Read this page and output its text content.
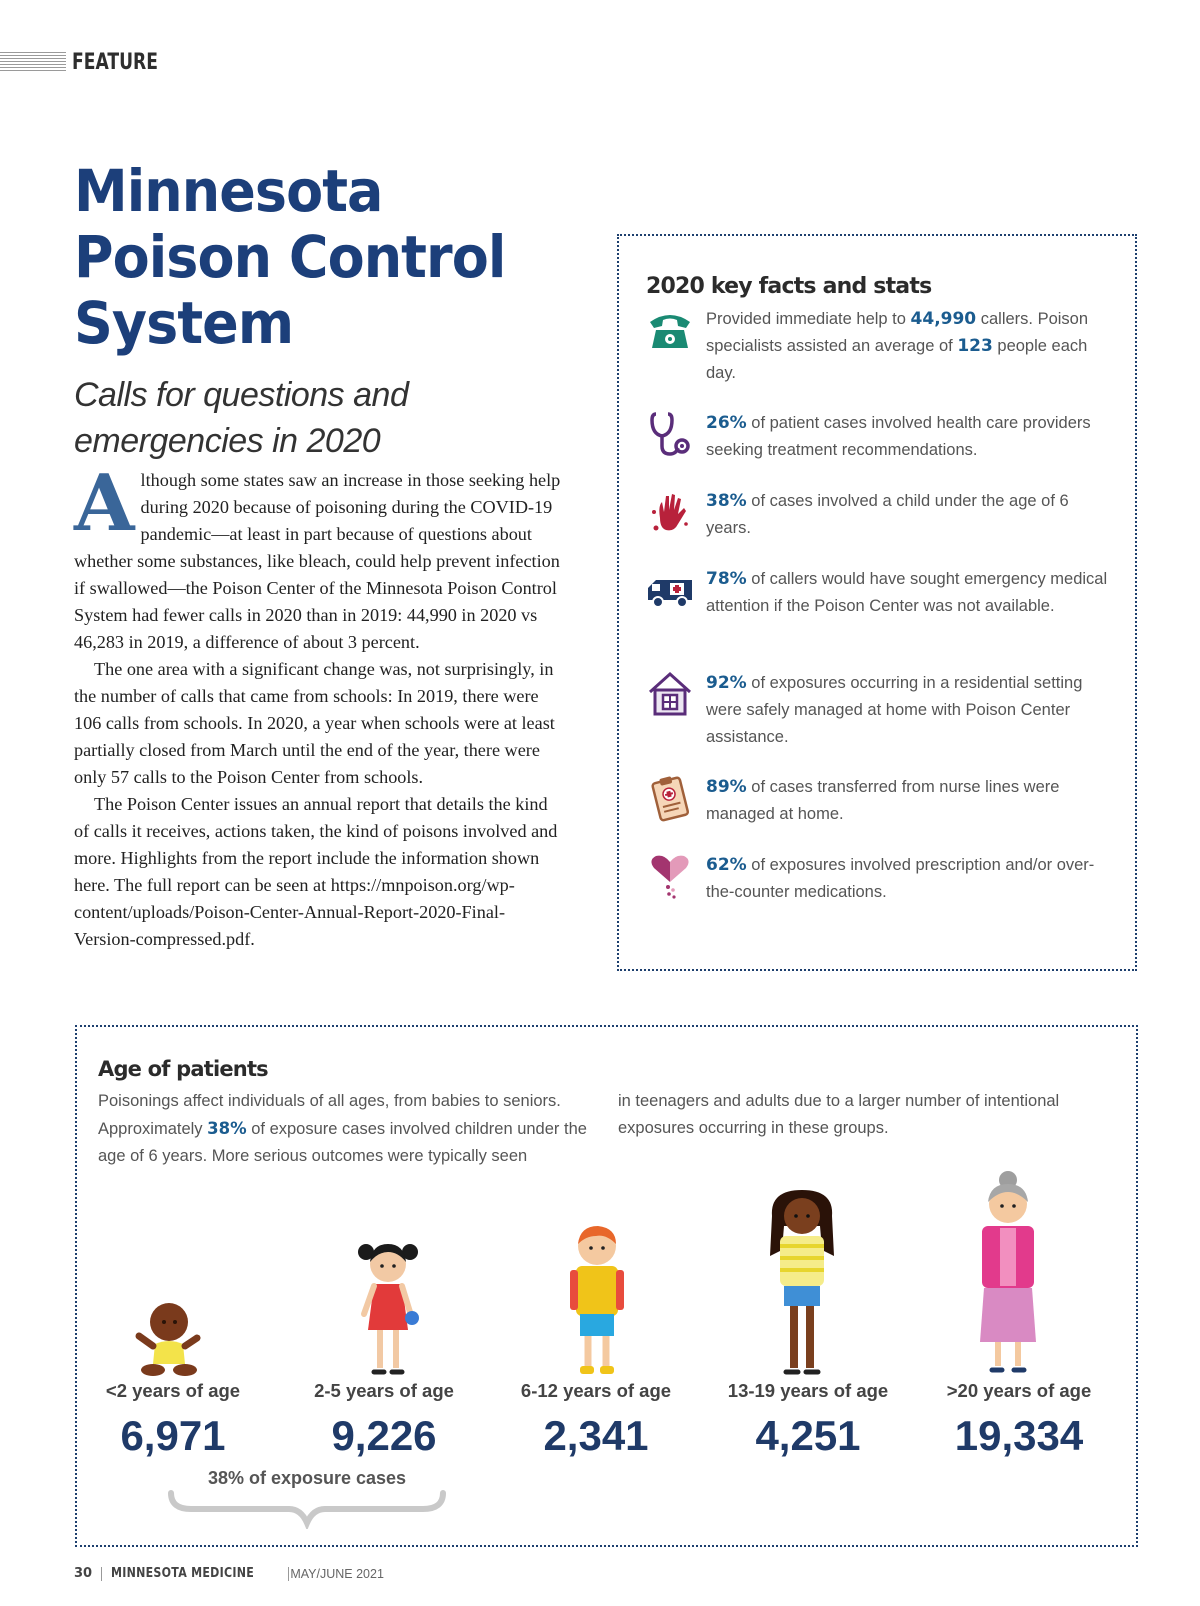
FEATURE
Minnesota
Poison Control
System
Calls for questions and
emergencies in 2020

Although some states saw an increase in those seeking help during 2020 because of poisoning during the COVID-19 pandemic—at least in part because of questions about whether some substances, like bleach, could help prevent infection if swallowed—the Poison Center of the Minnesota Poison Control System had fewer calls in 2020 than in 2019: 44,990 in 2020 vs 46,283 in 2019, a difference of about 3 percent.

The one area with a significant change was, not surprisingly, in the number of calls that came from schools: In 2019, there were 106 calls from schools. In 2020, a year when schools were at least partially closed from March until the end of the year, there were only 57 calls to the Poison Center from schools.

The Poison Center issues an annual report that details the kind of calls it receives, actions taken, the kind of poisons involved and more. Highlights from the report include the information shown here. The full report can be seen at https://mnpoison.org/wp-content/uploads/Poison-Center-Annual-Report-2020-Final-Version-compressed.pdf.

2020 key facts and stats
Provided immediate help to 44,990 callers. Poison specialists assisted an average of 123 people each day.
26% of patient cases involved health care providers seeking treatment recommendations.
38% of cases involved a child under the age of 6 years.
78% of callers would have sought emergency medical attention if the Poison Center was not available.
92% of exposures occurring in a residential setting were safely managed at home with Poison Center assistance.
89% of cases transferred from nurse lines were managed at home.
62% of exposures involved prescription and/or over-the-counter medications.
Age of patients
Poisonings affect individuals of all ages, from babies to seniors. Approximately 38% of exposure cases involved children under the age of 6 years. More serious outcomes were typically seen
in teenagers and adults due to a larger number of intentional exposures occurring in these groups.
<2 years of age
6,971
2-5 years of age
9,226
6-12 years of age
2,341
13-19 years of age
4,251
>20 years of age
19,334
38% of exposure cases
30 MINNESOTA MEDICINE	MAY/JUNE 2021
